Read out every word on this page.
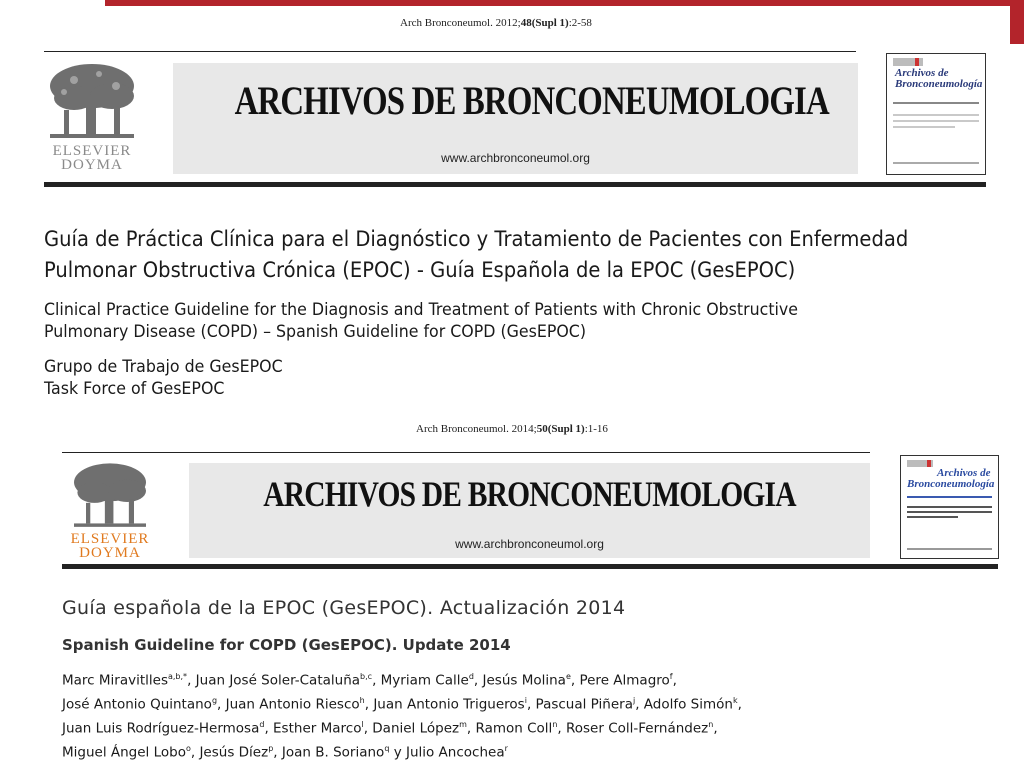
Arch Bronconeumol. 2012;48(Supl 1):2-58
ELSEVIER
DOYMA
ARCHIVOS DE BRONCONEUMOLOGIA
www.archbronconeumol.org
Archivos de
Bronconeumología
Guía de Práctica Clínica para el Diagnóstico y Tratamiento de Pacientes con Enfermedad
Pulmonar Obstructiva Crónica (EPOC) - Guía Española de la EPOC (GesEPOC)
Clinical Practice Guideline for the Diagnosis and Treatment of Patients with Chronic Obstructive
Pulmonary Disease (COPD) – Spanish Guideline for COPD (GesEPOC)
Grupo de Trabajo de GesEPOC
Task Force of GesEPOC
Arch Bronconeumol. 2014;50(Supl 1):1-16
ELSEVIER
DOYMA
ARCHIVOS DE BRONCONEUMOLOGIA
www.archbronconeumol.org
Archivos de
Bronconeumología
Guía española de la EPOC (GesEPOC). Actualización 2014
Spanish Guideline for COPD (GesEPOC). Update 2014
Marc Miravitlles$^{a,b,*}$, Juan José Soler-Cataluña$^{b,c}$, Myriam Calle$^d$, Jesús Molina$^e$, Pere Almagro$^f$,
José Antonio Quintano$^g$, Juan Antonio Riesco$^h$, Juan Antonio Trigueros$^i$, Pascual Piñera$^j$, Adolfo Simón$^k$,
Juan Luis Rodríguez-Hermosa$^d$, Esther Marco$^l$, Daniel López$^m$, Ramon Coll$^n$, Roser Coll-Fernández$^n$,
Miguel Ángel Lobo$^o$, Jesús Díez$^p$, Joan B. Soriano$^q$ y Julio Ancochea$^r$
